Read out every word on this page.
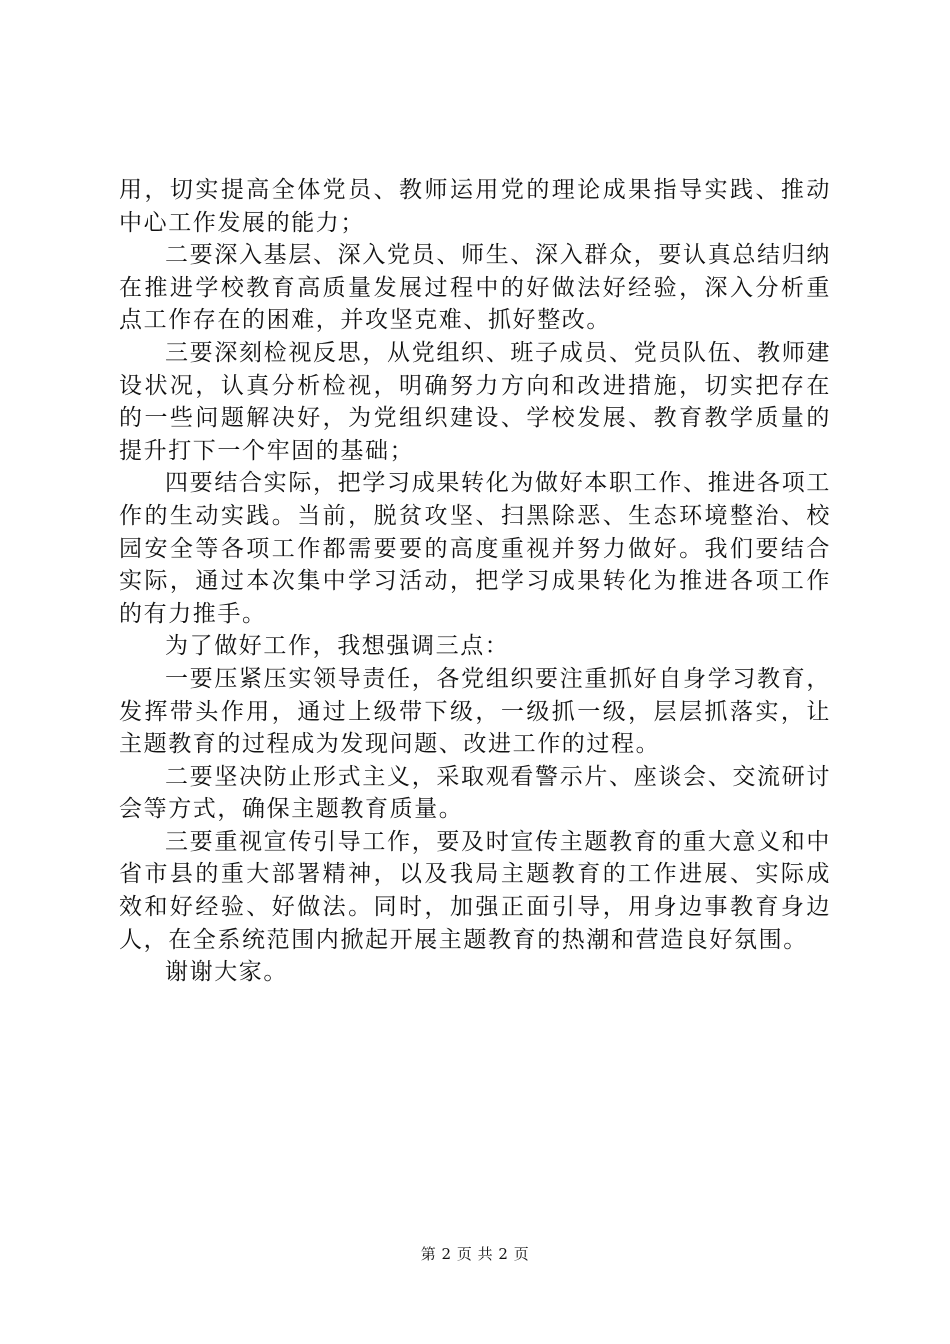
用，切实提高全体党员、教师运用党的理论成果指导实践、推动中心工作发展的能力；

二要深入基层、深入党员、师生、深入群众，要认真总结归纳在推进学校教育高质量发展过程中的好做法好经验，深入分析重点工作存在的困难，并攻坚克难、抓好整改。

三要深刻检视反思，从党组织、班子成员、党员队伍、教师建设状况，认真分析检视，明确努力方向和改进措施，切实把存在的一些问题解决好，为党组织建设、学校发展、教育教学质量的提升打下一个牢固的基础；

四要结合实际，把学习成果转化为做好本职工作、推进各项工作的生动实践。当前，脱贫攻坚、扫黑除恶、生态环境整治、校园安全等各项工作都需要要的高度重视并努力做好。我们要结合实际，通过本次集中学习活动，把学习成果转化为推进各项工作的有力推手。

为了做好工作，我想强调三点：

一要压紧压实领导责任，各党组织要注重抓好自身学习教育，发挥带头作用，通过上级带下级，一级抓一级，层层抓落实，让主题教育的过程成为发现问题、改进工作的过程。

二要坚决防止形式主义，采取观看警示片、座谈会、交流研讨会等方式，确保主题教育质量。

三要重视宣传引导工作，要及时宣传主题教育的重大意义和中省市县的重大部署精神，以及我局主题教育的工作进展、实际成效和好经验、好做法。同时，加强正面引导，用身边事教育身边人，在全系统范围内掀起开展主题教育的热潮和营造良好氛围。

谢谢大家。

第 2 页 共 2 页
